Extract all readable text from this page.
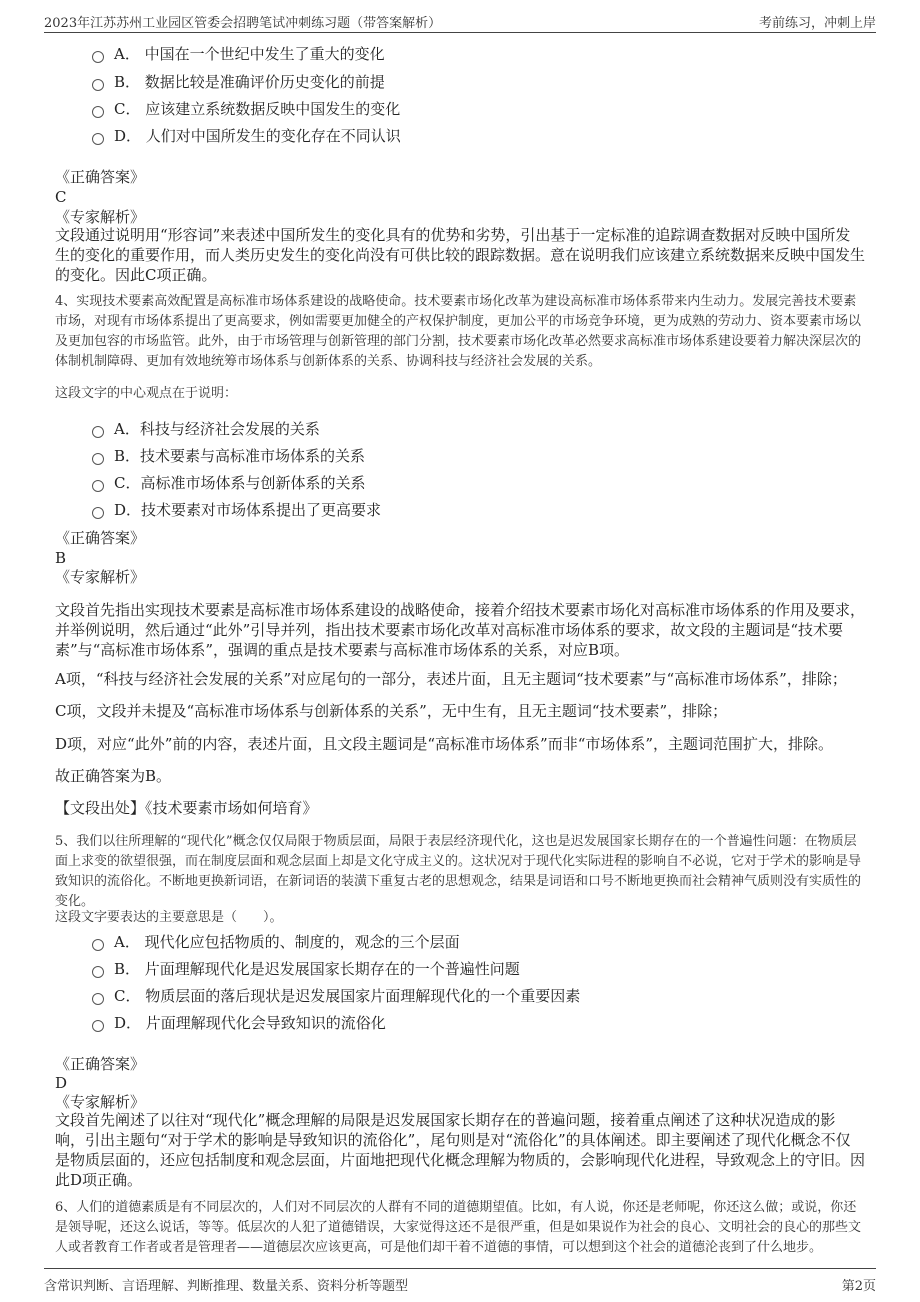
2023年江苏苏州工业园区管委会招聘笔试冲刺练习题（带答案解析）	考前练习，冲刺上岸
A． 中国在一个世纪中发生了重大的变化
B． 数据比较是准确评价历史变化的前提
C． 应该建立系统数据反映中国发生的变化
D． 人们对中国所发生的变化存在不同认识
《正确答案》
C
《专家解析》
文段通过说明用“形容词”来表述中国所发生的变化具有的优势和劣势，引出基于一定标准的追踪调查数据对反映中国所发生的变化的重要作用，而人类历史发生的变化尚没有可供比较的跟踪数据。意在说明我们应该建立系统数据来反映中国发生的变化。因此C项正确。
4、实现技术要素高效配置是高标准市场体系建设的战略使命。技术要素市场化改革为建设高标准市场体系带来内生动力。发展完善技术要素市场，对现有市场体系提出了更高要求，例如需要更加健全的产权保护制度，更加公平的市场竞争环境，更为成熟的劳动力、资本要素市场以及更加包容的市场监管。此外，由于市场管理与创新管理的部门分割，技术要素市场化改革必然要求高标准市场体系建设要着力解决深层次的体制机制障碍、更加有效地统筹市场体系与创新体系的关系、协调科技与经济社会发展的关系。
这段文字的中心观点在于说明：
A．科技与经济社会发展的关系
B．技术要素与高标准市场体系的关系
C．高标准市场体系与创新体系的关系
D．技术要素对市场体系提出了更高要求
《正确答案》
B
《专家解析》
文段首先指出实现技术要素是高标准市场体系建设的战略使命，接着介绍技术要素市场化对高标准市场体系的作用及要求，并举例说明，然后通过“此外”引导并列，指出技术要素市场化改革对高标准市场体系的要求，故文段的主题词是“技术要素”与“高标准市场体系”，强调的重点是技术要素与高标准市场体系的关系，对应B项。
A项，“科技与经济社会发展的关系”对应尾句的一部分，表述片面，且无主题词“技术要素”与“高标准市场体系”，排除；
C项，文段并未提及“高标准市场体系与创新体系的关系”，无中生有，且无主题词“技术要素”，排除；
D项，对应“此外”前的内容，表述片面，且文段主题词是“高标准市场体系”而非“市场体系”，主题词范围扩大，排除。
故正确答案为B。
【文段出处】《技术要素市场如何培育》
5、我们以往所理解的“现代化”概念仅仅局限于物质层面，局限于表层经济现代化，这也是迟发展国家长期存在的一个普遍性问题：在物质层面上求变的欲望很强，而在制度层面和观念层面上却是文化守成主义的。这状况对于现代化实际进程的影响自不必说，它对于学术的影响是导致知识的流俗化。不断地更换新词语，在新词语的装潢下重复古老的思想观念，结果是词语和口号不断地更换而社会精神气质则没有实质性的变化。
这段文字要表达的主要意思是（　　）。
A． 现代化应包括物质的、制度的，观念的三个层面
B． 片面理解现代化是迟发展国家长期存在的一个普遍性问题
C． 物质层面的落后现状是迟发展国家片面理解现代化的一个重要因素
D． 片面理解现代化会导致知识的流俗化
《正确答案》
D
《专家解析》
文段首先阐述了以往对“现代化”概念理解的局限是迟发展国家长期存在的普遍问题，接着重点阐述了这种状况造成的影响，引出主题句“对于学术的影响是导致知识的流俗化”，尾句则是对“流俗化”的具体阐述。即主要阐述了现代化概念不仅是物质层面的，还应包括制度和观念层面，片面地把现代化概念理解为物质的，会影响现代化进程，导致观念上的守旧。因此D项正确。
6、人们的道德素质是有不同层次的，人们对不同层次的人群有不同的道德期望值。比如，有人说，你还是老师呢，你还这么做；或说，你还是领导呢，还这么说话，等等。低层次的人犯了道德错误，大家觉得这还不是很严重，但是如果说作为社会的良心、文明社会的良心的那些文人或者教育工作者或者是管理者——道德层次应该更高，可是他们却干着不道德的事情，可以想到这个社会的道德沦丧到了什么地步。
含常识判断、言语理解、判断推理、数量关系、资料分析等题型	第2页
